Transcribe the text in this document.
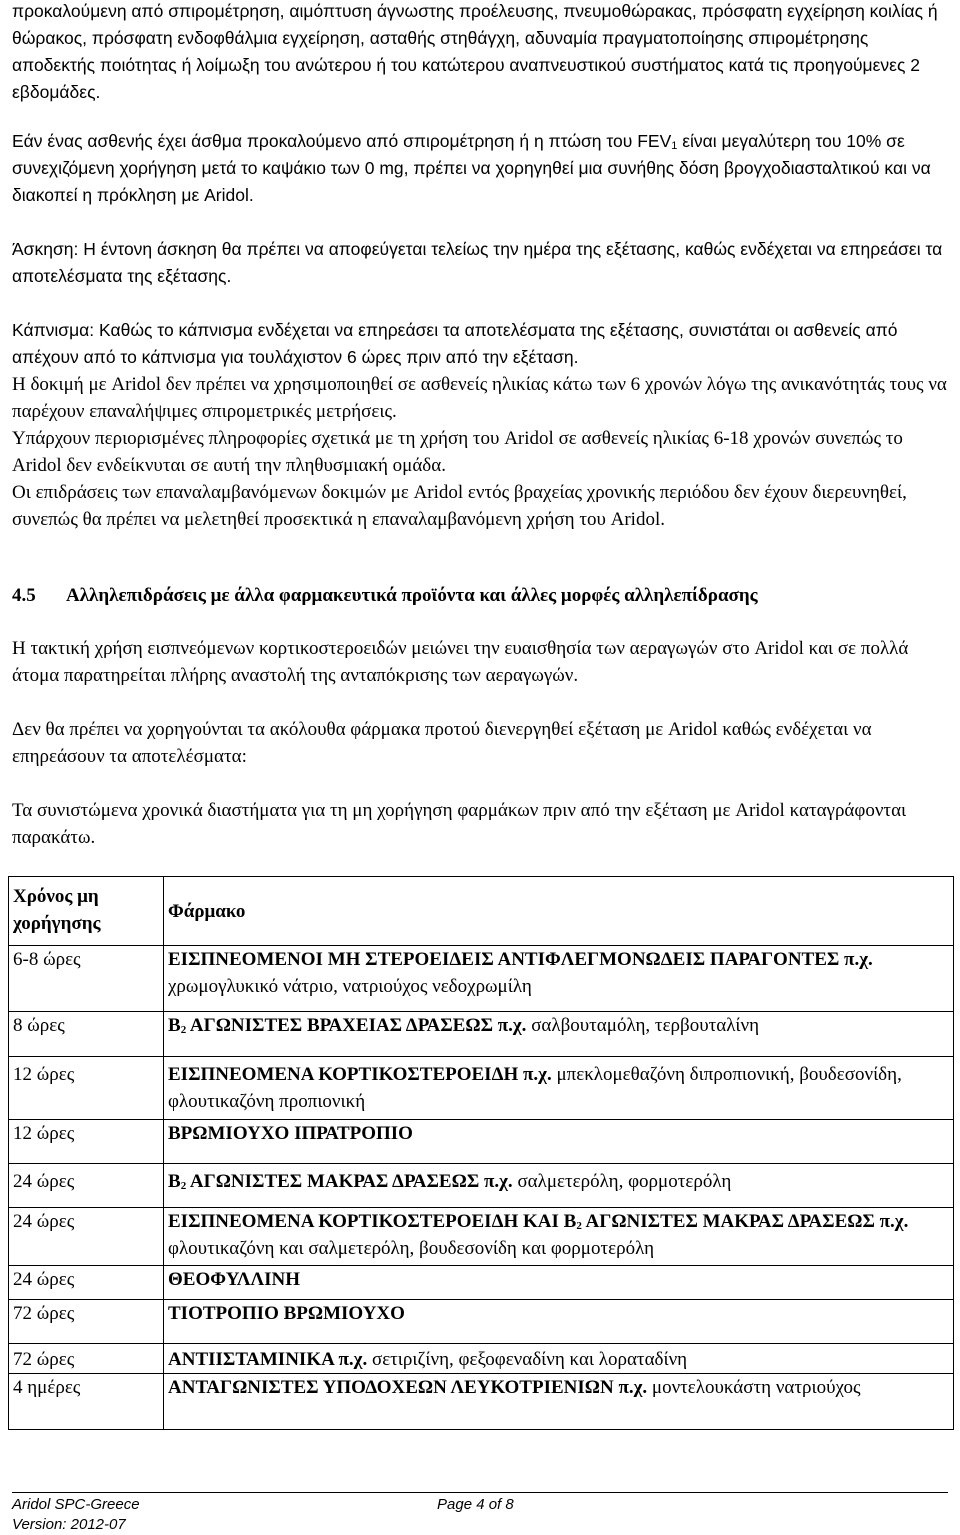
προκαλούμενη από σπιρομέτρηση, αιμόπτυση άγνωστης προέλευσης, πνευμοθώρακας, πρόσφατη εγχείρηση κοιλίας ή θώρακος, πρόσφατη ενδοφθάλμια εγχείρηση, ασταθής στηθάγχη, αδυναμία πραγματοποίησης σπιρομέτρησης αποδεκτής ποιότητας ή λοίμωξη του ανώτερου ή του κατώτερου αναπνευστικού συστήματος κατά τις προηγούμενες 2 εβδομάδες.

Εάν ένας ασθενής έχει άσθμα προκαλούμενο από σπιρομέτρηση ή η πτώση του $FEV_1$ είναι μεγαλύτερη του 10% σε συνεχιζόμενη χορήγηση μετά το καψάκιο των 0 mg, πρέπει να χορηγηθεί μια συνήθης δόση βρογχοδιασταλτικού και να διακοπεί η πρόκληση με Aridol.

Άσκηση: Η έντονη άσκηση θα πρέπει να αποφεύγεται τελείως την ημέρα της εξέτασης, καθώς ενδέχεται να επηρεάσει τα αποτελέσματα της εξέτασης.

Κάπνισμα: Καθώς το κάπνισμα ενδέχεται να επηρεάσει τα αποτελέσματα της εξέτασης, συνιστάται οι ασθενείς από απέχουν από το κάπνισμα για τουλάχιστον 6 ώρες πριν από την εξέταση.

Η δοκιμή με Aridol δεν πρέπει να χρησιμοποιηθεί σε ασθενείς ηλικίας κάτω των 6 χρονών λόγω της ανικανότητάς τους να παρέχουν επαναλήψιμες σπιρομετρικές μετρήσεις.

Υπάρχουν περιορισμένες πληροφορίες σχετικά με τη χρήση του Aridol σε ασθενείς ηλικίας 6-18 χρονών συνεπώς το Aridol δεν ενδείκνυται σε αυτή την πληθυσμιακή ομάδα.

Οι επιδράσεις των επαναλαμβανόμενων δοκιμών με Aridol εντός βραχείας χρονικής περιόδου δεν έχουν διερευνηθεί, συνεπώς θα πρέπει να μελετηθεί προσεκτικά η επαναλαμβανόμενη χρήση του Aridol.

4.5 Αλληλεπιδράσεις με άλλα φαρμακευτικά προϊόντα και άλλες μορφές αλληλεπίδρασης

Η τακτική χρήση εισπνεόμενων κορτικοστεροειδών μειώνει την ευαισθησία των αεραγωγών στο Aridol και σε πολλά άτομα παρατηρείται πλήρης αναστολή της ανταπόκρισης των αεραγωγών.

Δεν θα πρέπει να χορηγούνται τα ακόλουθα φάρμακα προτού διενεργηθεί εξέταση με Aridol καθώς ενδέχεται να επηρεάσουν τα αποτελέσματα:

Τα συνιστώμενα χρονικά διαστήματα για τη μη χορήγηση φαρμάκων πριν από την εξέταση με Aridol καταγράφονται παρακάτω.

Χρόνος μη χορήγησης	Φάρμακο
6-8 ώρες	ΕΙΣΠΝΕΟΜΕΝΟΙ ΜΗ ΣΤΕΡΟΕΙΔΕΙΣ ΑΝΤΙΦΛΕΓΜΟΝΩΔΕΙΣ ΠΑΡΑΓΟΝΤΕΣ π.χ. χρωμογλυκικό νάτριο, νατριούχος νεδοχρωμίλη
8 ώρες	$B_2$ ΑΓΩΝΙΣΤΕΣ ΒΡΑΧΕΙΑΣ ΔΡΑΣΕΩΣ π.χ. σαλβουταμόλη, τερβουταλίνη
12 ώρες	ΕΙΣΠΝΕΟΜΕΝΑ ΚΟΡΤΙΚΟΣΤΕΡΟΕΙΔΗ π.χ. μπεκλομεθαζόνη διπροπιονική, βουδεσονίδη, φλουτικαζόνη προπιονική
12 ώρες	ΒΡΩΜΙΟΥΧΟ ΙΠΡΑΤΡΟΠΙΟ
24 ώρες	$B_2$ ΑΓΩΝΙΣΤΕΣ ΜΑΚΡΑΣ ΔΡΑΣΕΩΣ π.χ. σαλμετερόλη, φορμοτερόλη
24 ώρες	ΕΙΣΠΝΕΟΜΕΝΑ ΚΟΡΤΙΚΟΣΤΕΡΟΕΙΔΗ ΚΑΙ $B_2$ ΑΓΩΝΙΣΤΕΣ ΜΑΚΡΑΣ ΔΡΑΣΕΩΣ π.χ. φλουτικαζόνη και σαλμετερόλη, βουδεσονίδη και φορμοτερόλη
24 ώρες	ΘΕΟΦΥΛΛΙΝΗ
72 ώρες	ΤΙΟΤΡΟΠΙΟ ΒΡΩΜΙΟΥΧΟ
72 ώρες	ΑΝΤΙΙΣΤΑΜΙΝΙΚΑ π.χ. σετιριζίνη, φεξοφεναδίνη και λοραταδίνη
4 ημέρες	ΑΝΤΑΓΩΝΙΣΤΕΣ ΥΠΟΔΟΧΕΩΝ ΛΕΥΚΟΤΡΙΕΝΙΩΝ π.χ. μοντελουκάστη νατριούχος
Aridol SPC-Greece
Version: 2012-07
Page 4 of 8
